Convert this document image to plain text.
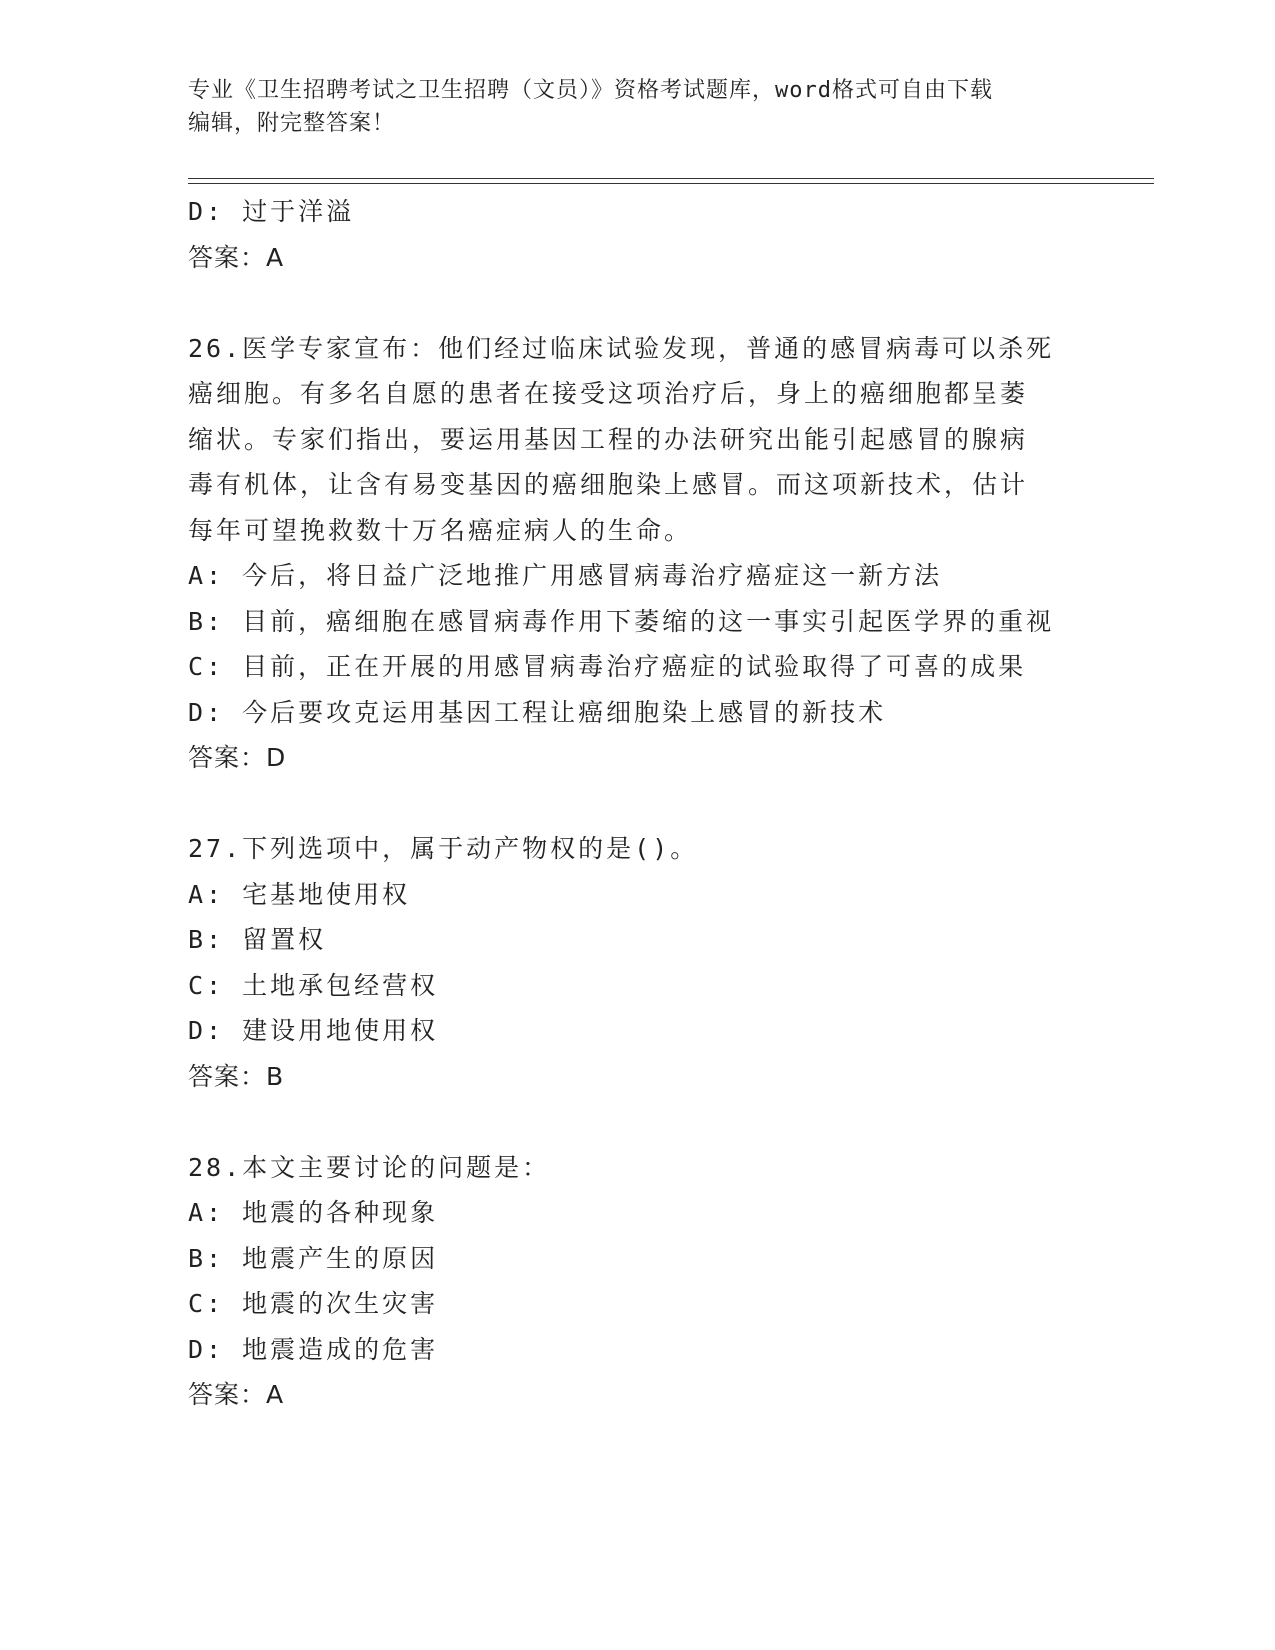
专业《卫生招聘考试之卫生招聘（文员）》资格考试题库，word格式可自由下载
编辑，附完整答案！
D: 过于洋溢
答案：A
26.医学专家宣布：他们经过临床试验发现，普通的感冒病毒可以杀死
癌细胞。有多名自愿的患者在接受这项治疗后，身上的癌细胞都呈萎
缩状。专家们指出，要运用基因工程的办法研究出能引起感冒的腺病
毒有机体，让含有易变基因的癌细胞染上感冒。而这项新技术，估计
每年可望挽救数十万名癌症病人的生命。
A: 今后，将日益广泛地推广用感冒病毒治疗癌症这一新方法
B: 目前，癌细胞在感冒病毒作用下萎缩的这一事实引起医学界的重视
C: 目前，正在开展的用感冒病毒治疗癌症的试验取得了可喜的成果
D: 今后要攻克运用基因工程让癌细胞染上感冒的新技术
答案：D
27.下列选项中，属于动产物权的是()。
A: 宅基地使用权
B: 留置权
C: 土地承包经营权
D: 建设用地使用权
答案：B
28.本文主要讨论的问题是：
A: 地震的各种现象
B: 地震产生的原因
C: 地震的次生灾害
D: 地震造成的危害
答案：A
